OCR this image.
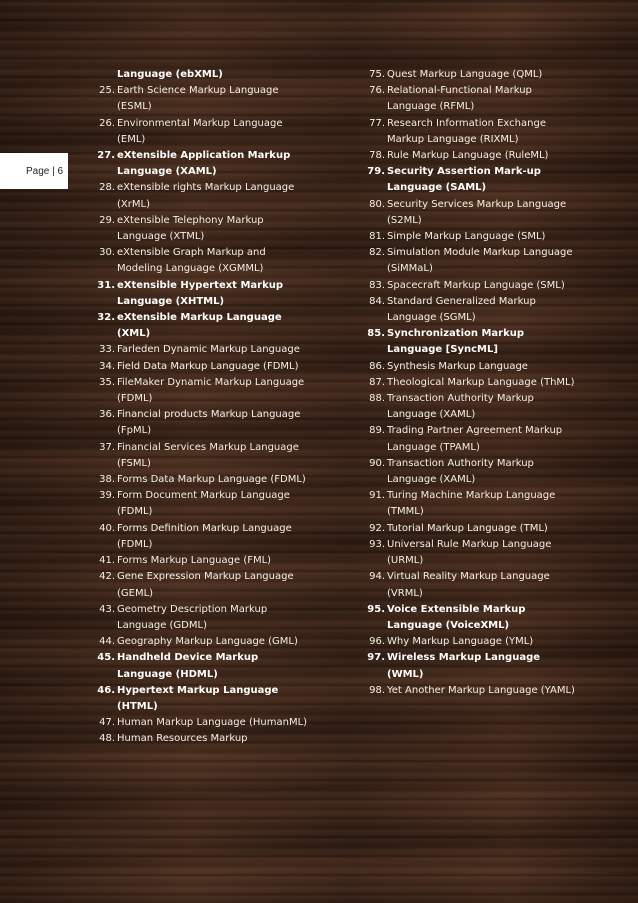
Page | 6
Language (ebXML)
25. Earth Science Markup Language (ESML)
26. Environmental Markup Language (EML)
27. eXtensible Application Markup Language (XAML)
28. eXtensible rights Markup Language (XrML)
29. eXtensible Telephony Markup Language (XTML)
30. eXtensible Graph Markup and Modeling Language (XGMML)
31. eXtensible Hypertext Markup Language (XHTML)
32. eXtensible Markup Language (XML)
33. Farleden Dynamic Markup Language
34. Field Data Markup Language (FDML)
35. FileMaker Dynamic Markup Language (FDML)
36. Financial products Markup Language (FpML)
37. Financial Services Markup Language (FSML)
38. Forms Data Markup Language (FDML)
39. Form Document Markup Language (FDML)
40. Forms Definition Markup Language (FDML)
41. Forms Markup Language (FML)
42. Gene Expression Markup Language (GEML)
43. Geometry Description Markup Language (GDML)
44. Geography Markup Language (GML)
45. Handheld Device Markup Language (HDML)
46. Hypertext Markup Language (HTML)
47. Human Markup Language (HumanML)
48. Human Resources Markup
75. Quest Markup Language (QML)
76. Relational-Functional Markup Language (RFML)
77. Research Information Exchange Markup Language (RIXML)
78. Rule Markup Language (RuleML)
79. Security Assertion Mark-up Language (SAML)
80. Security Services Markup Language (S2ML)
81. Simple Markup Language (SML)
82. Simulation Module Markup Language (SiMMaL)
83. Spacecraft Markup Language (SML)
84. Standard Generalized Markup Language (SGML)
85. Synchronization Markup Language [SyncML]
86. Synthesis Markup Language
87. Theological Markup Language (ThML)
88. Transaction Authority Markup Language (XAML)
89. Trading Partner Agreement Markup Language (TPAML)
90. Transaction Authority Markup Language (XAML)
91. Turing Machine Markup Language (TMML)
92. Tutorial Markup Language (TML)
93. Universal Rule Markup Language (URML)
94. Virtual Reality Markup Language (VRML)
95. Voice Extensible Markup Language (VoiceXML)
96. Why Markup Language (YML)
97. Wireless Markup Language (WML)
98. Yet Another Markup Language (YAML)
